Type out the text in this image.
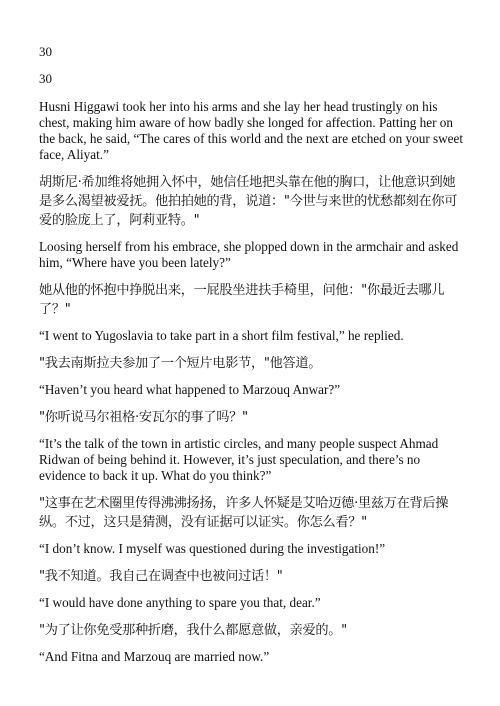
30

30

Husni Higgawi took her into his arms and she lay her head trustingly on his chest, making him aware of how badly she longed for affection. Patting her on the back, he said, “The cares of this world and the next are etched on your sweet face, Aliyat.”

胡斯尼·希加维将她拥入怀中，她信任地把头靠在他的胸口，让他意识到她是多么渴望被爱抚。他拍拍她的背，说道："今世与来世的忧愁都刻在你可爱的脸庞上了，阿莉亚特。"

Loosing herself from his embrace, she plopped down in the armchair and asked him, “Where have you been lately?”

她从他的怀抱中挣脱出来，一屁股坐进扶手椅里，问他："你最近去哪儿了？"

“I went to Yugoslavia to take part in a short film festival,” he replied.

"我去南斯拉夫参加了一个短片电影节，"他答道。

“Haven’t you heard what happened to Marzouq Anwar?”

"你听说马尔祖格·安瓦尔的事了吗？"

“It’s the talk of the town in artistic circles, and many people suspect Ahmad Ridwan of being behind it. However, it’s just speculation, and there’s no evidence to back it up. What do you think?”

"这事在艺术圈里传得沸沸扬扬，许多人怀疑是艾哈迈德·里兹万在背后操纵。不过，这只是猜测，没有证据可以证实。你怎么看？"

“I don’t know. I myself was questioned during the investigation!”

"我不知道。我自己在调查中也被问过话！"

“I would have done anything to spare you that, dear.”

"为了让你免受那种折磨，我什么都愿意做，亲爱的。"

“And Fitna and Marzouq are married now.”
